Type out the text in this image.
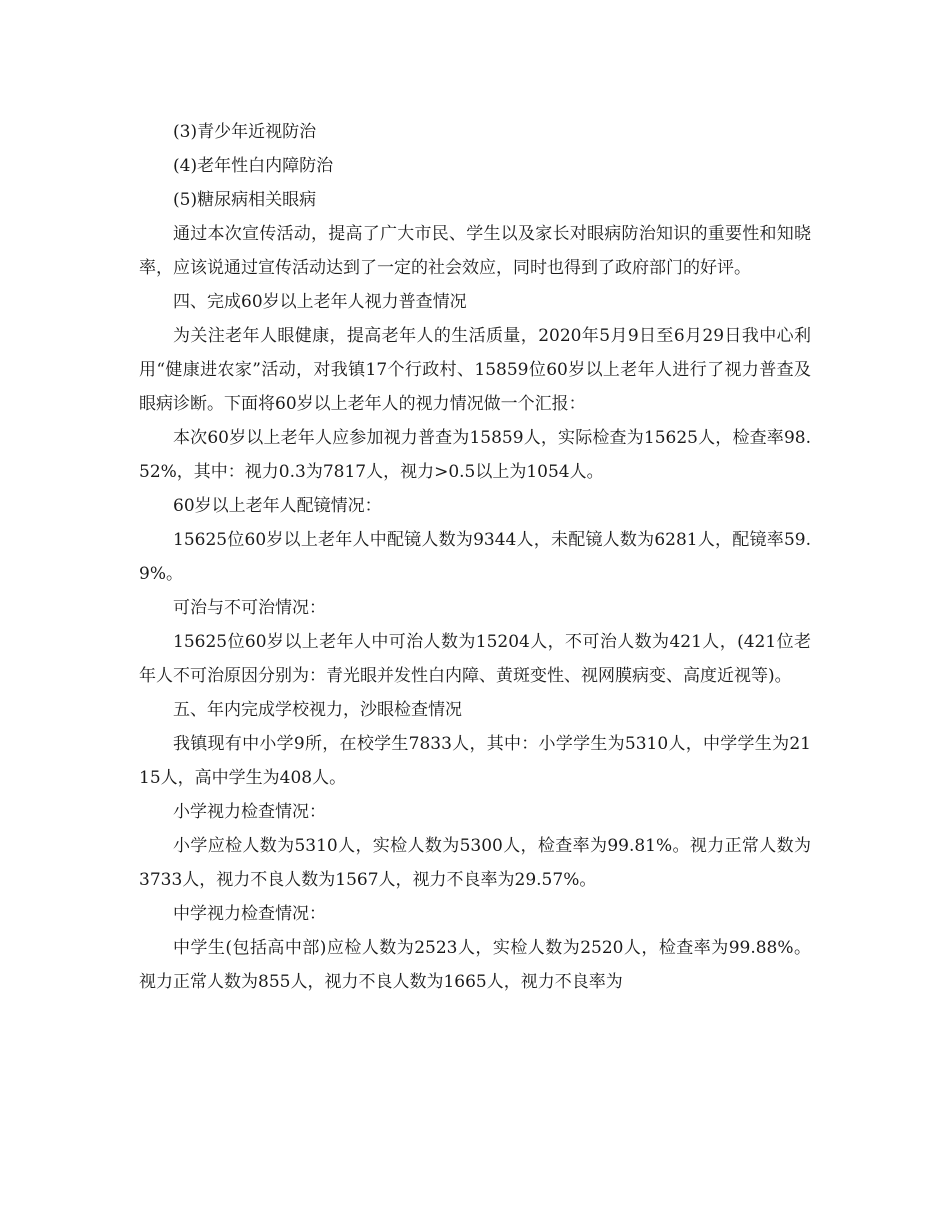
(3)青少年近视防治

(4)老年性白内障防治

(5)糖尿病相关眼病

通过本次宣传活动，提高了广大市民、学生以及家长对眼病防治知识的重要性和知晓率，应该说通过宣传活动达到了一定的社会效应，同时也得到了政府部门的好评。

四、完成60岁以上老年人视力普查情况

为关注老年人眼健康，提高老年人的生活质量，2020年5月9日至6月29日我中心利用“健康进农家”活动，对我镇17个行政村、15859位60岁以上老年人进行了视力普查及眼病诊断。下面将60岁以上老年人的视力情况做一个汇报：

本次60岁以上老年人应参加视力普查为15859人，实际检查为15625人，检查率98.52%，其中：视力0.3为7817人，视力>0.5以上为1054人。

60岁以上老年人配镜情况：

15625位60岁以上老年人中配镜人数为9344人，未配镜人数为6281人，配镜率59.9%。

可治与不可治情况：

15625位60岁以上老年人中可治人数为15204人，不可治人数为421人，(421位老年人不可治原因分别为：青光眼并发性白内障、黄斑变性、视网膜病变、高度近视等)。

五、年内完成学校视力，沙眼检查情况

我镇现有中小学9所，在校学生7833人，其中：小学学生为5310人，中学学生为2115人，高中学生为408人。

小学视力检查情况：

小学应检人数为5310人，实检人数为5300人，检查率为99.81%。视力正常人数为3733人，视力不良人数为1567人，视力不良率为29.57%。

中学视力检查情况：

中学生(包括高中部)应检人数为2523人，实检人数为2520人，检查率为99.88%。视力正常人数为855人，视力不良人数为1665人，视力不良率为
